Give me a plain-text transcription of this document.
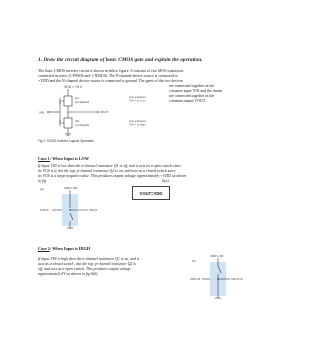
1. Draw the circuit diagram of basic CMOS gate and explain the operation.
The basic CMOS inverter circuit is shown in below figure. It consists of two MOS transistors
connected in series (1-PMOS and 1-NMOS). The P-channel device source is connected to
+VDD and the N-channel device source is connected to ground. The gates of the two devices
are connected together as the
common input VIN and the drains
are connected together as the
common output VOUT.
VDD = +5 V
Q1
(p-channel)
VOUT
Q2
(n-channel)
VIN
side indicates
VIN = to Low
side indicates
VIN = to High
Fig.7: CMOS Inverter Logical Operation
Case 1: When Input is LOW
If input VIN is low then the n-channel transistor Q1 is off, and it acts as a open switch since
its VGS is 0, but the top, p-channel transistor Q2 is on, and acts as a closed switch since
its VGS is a large negative value. This produces output voltage approximately +VDD as shown
in fig	6(a).
(a)	VDD=+5V
VOUT
VIN=0
VOUT=VDD
Case 2: When Input is HIGH
If input VIN is high then the n-channel transistor Q1 is on, and it
acts as a closed switch , but the top, p-channel transistor Q2 is
off, and acts as a open switch. This produces output voltage
approximately 0V as shown in fig 6(b).
(b)
VDD=+5V
VOUT=0
VIN=+5
